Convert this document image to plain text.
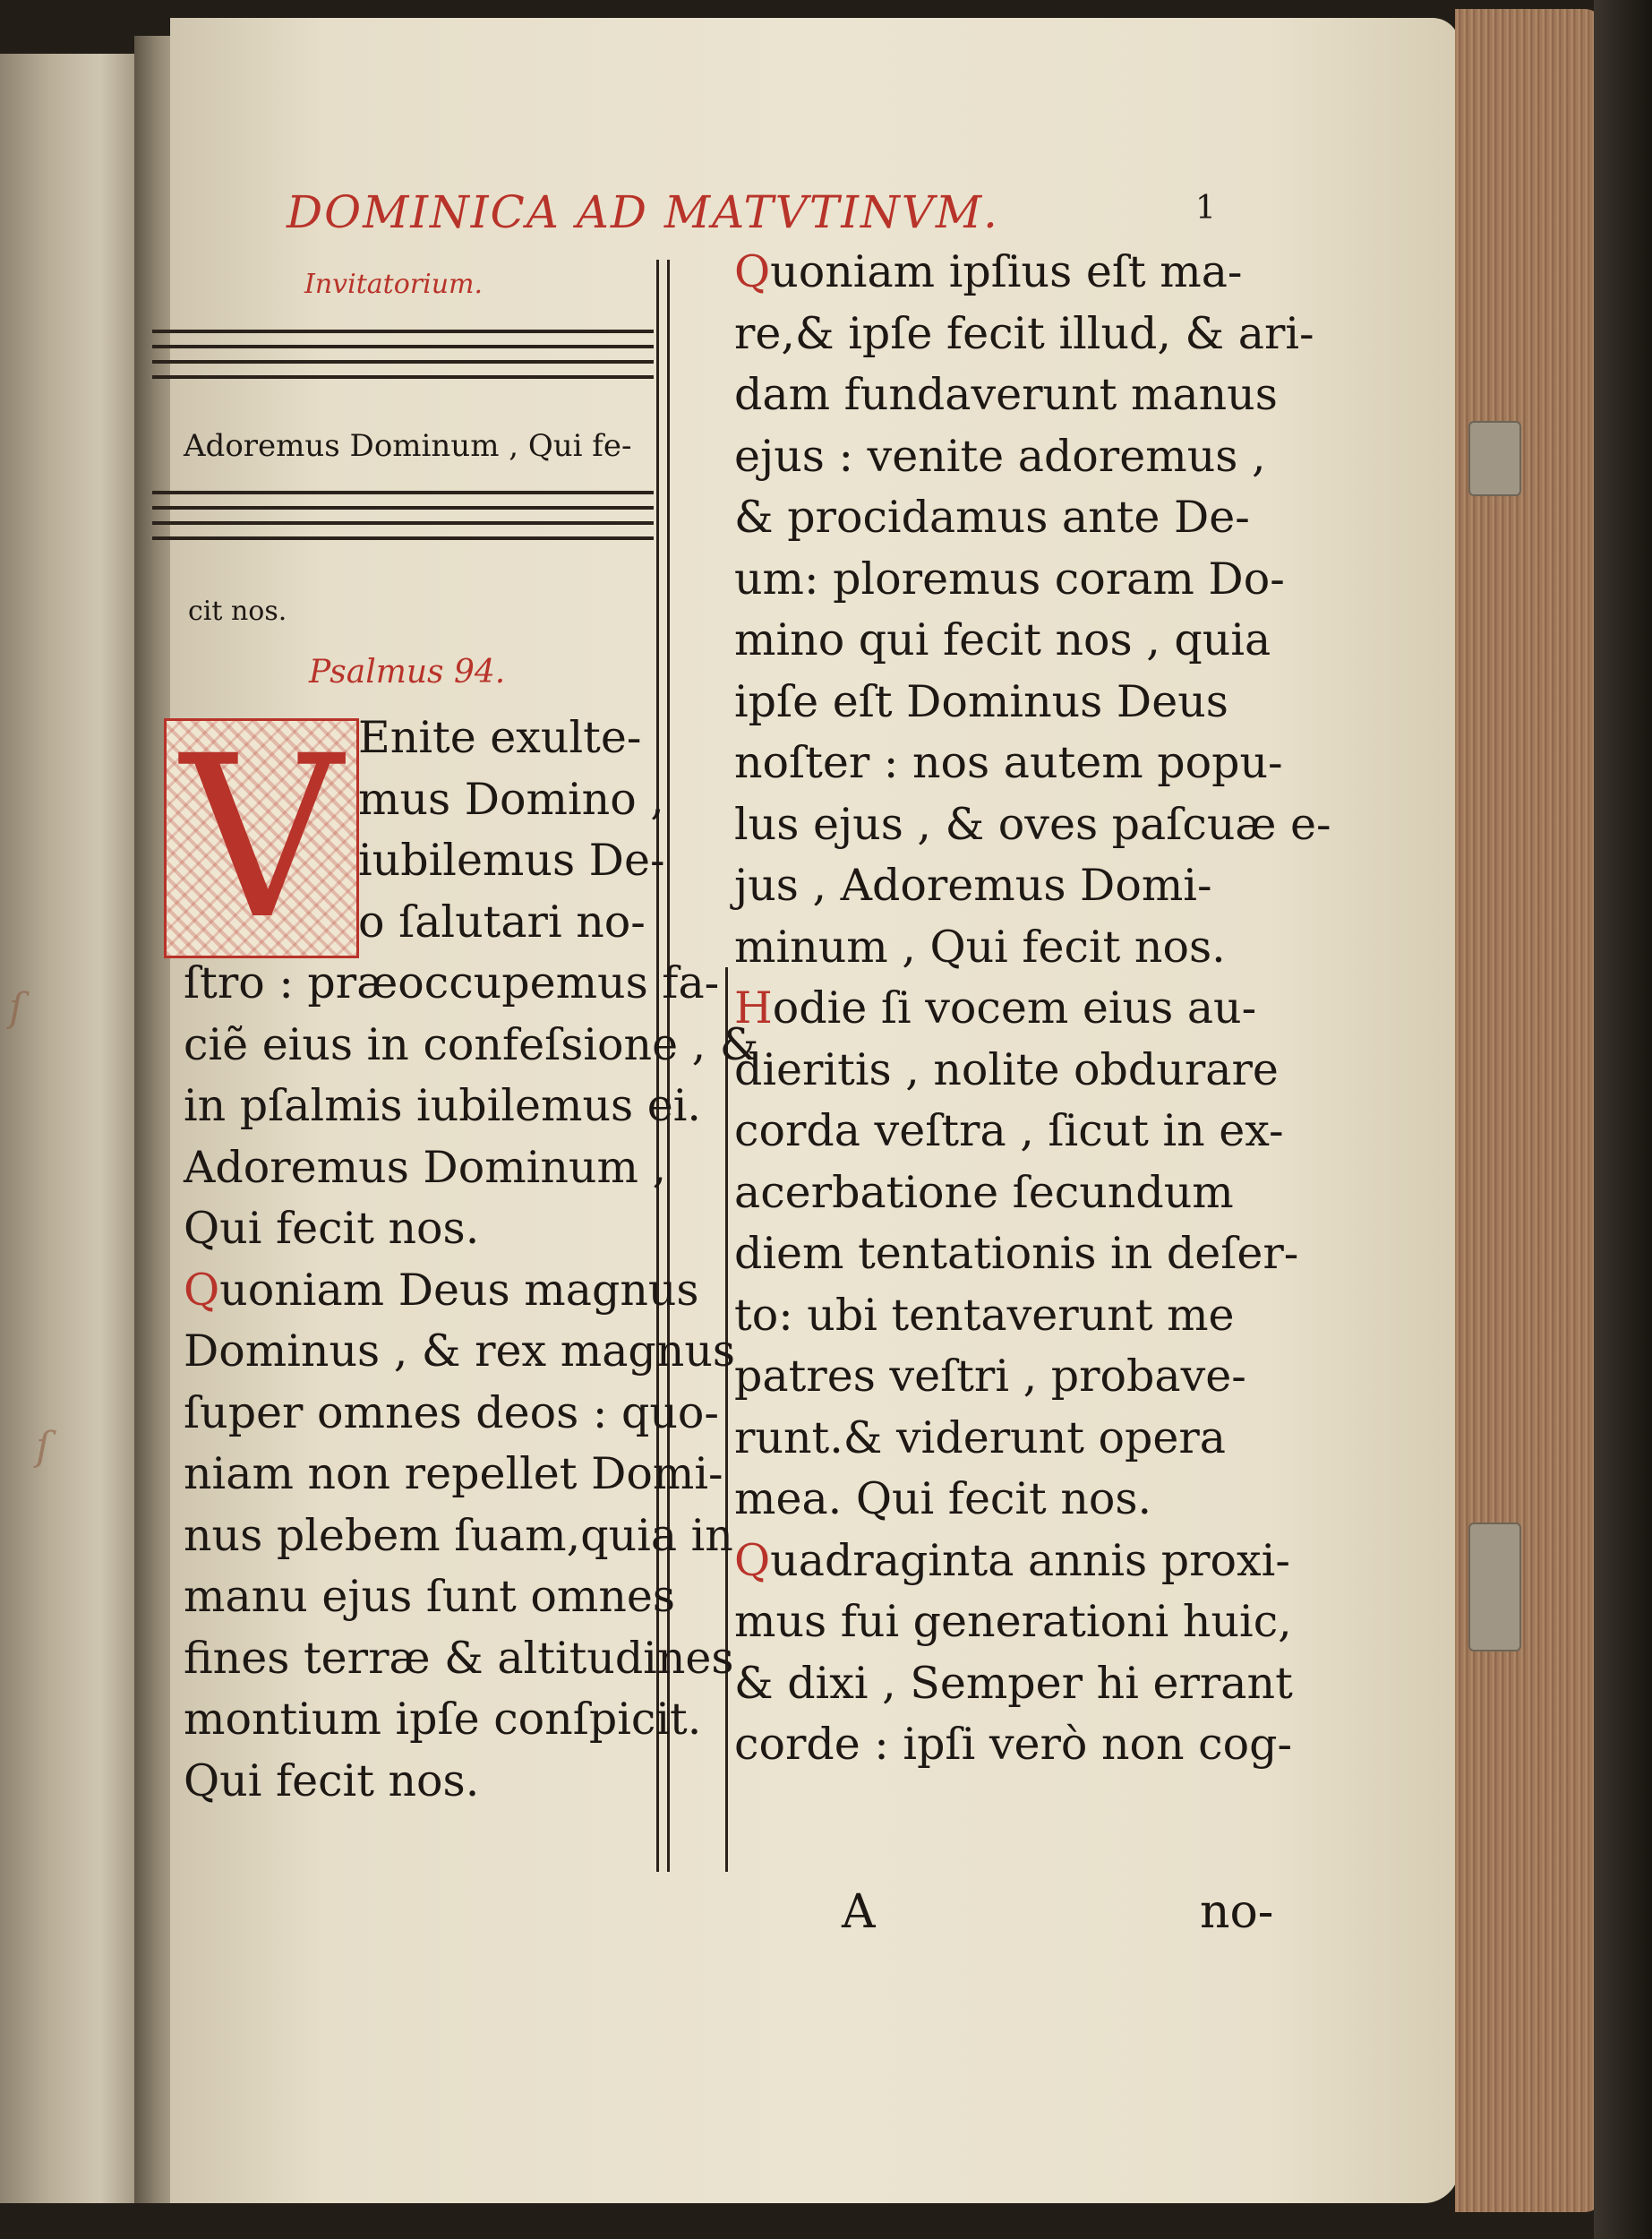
ſ
ſ
DOMINICA AD MATVTINVM.	1
Invitatorium.
Adoremus Dominum , Qui fe-
cit nos.
Psalmus 94.
V Enite exulte-
mus Domino ,
iubilemus De-
o ſalutari no-
ſtro : præoccupemus fa-
ciẽ eius in confeſsione , &
in pſalmis iubilemus ei.
Adoremus Dominum ,
Qui fecit nos.
Quoniam Deus magnus
Dominus , & rex magnus
ſuper omnes deos : quo-
niam non repellet Domi-
nus plebem ſuam,quia in
manu ejus ſunt omnes
fines terræ & altitudines
montium ipſe conſpicit.
Qui fecit nos.
Quoniam ipſius eſt ma-
re,& ipſe fecit illud, & ari-
dam fundaverunt manus
ejus : venite adoremus ,
& procidamus ante De-
um: ploremus coram Do-
mino qui fecit nos , quia
ipſe eſt Dominus Deus
noſter : nos autem popu-
lus ejus , & oves paſcuæ e-
jus , Adoremus Domi-
minum , Qui fecit nos.
Hodie ſi vocem eius au-
dieritis , nolite obdurare
corda veſtra , ſicut in ex-
acerbatione ſecundum
diem tentationis in deſer-
to: ubi tentaverunt me
patres veſtri , probave-
runt.& viderunt opera
mea. Qui fecit nos.
Quadraginta annis proxi-
mus fui generationi huic,
& dixi , Semper hi errant
corde : ipſi verò non cog-
A	no-
